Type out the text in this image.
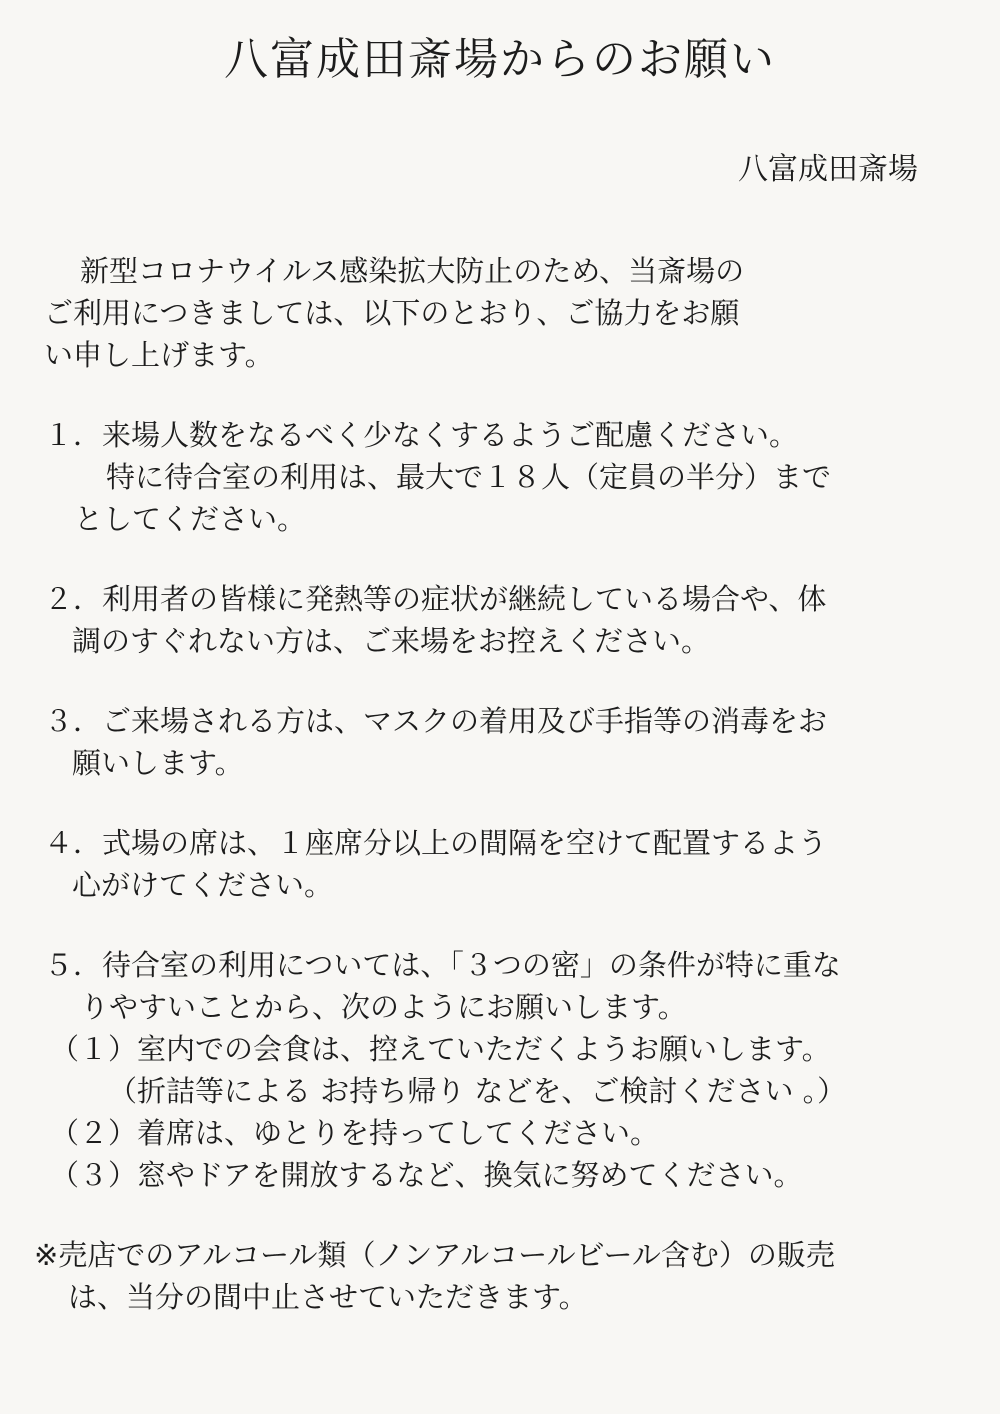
八富成田斎場からのお願い
八富成田斎場
新型コロナウイルス感染拡大防止のため、当斎場の
ご利用につきましては、以下のとおり、ご協力をお願
い申し上げます。
１．来場人数をなるべく少なくするようご配慮ください。
特に待合室の利用は、最大で１８人（定員の半分）まで
としてください。
２．利用者の皆様に発熱等の症状が継続している場合や、体
調のすぐれない方は、ご来場をお控えください。
３．ご来場される方は、マスクの着用及び手指等の消毒をお
願いします。
４．式場の席は、１座席分以上の間隔を空けて配置するよう
心がけてください。
５．待合室の利用については、「３つの密」の条件が特に重な
りやすいことから、次のようにお願いします。
（１）室内での会食は、控えていただくようお願いします。
（折詰等による お持ち帰り などを、ご検討ください 。）
（２）着席は、ゆとりを持ってしてください。
（３）窓やドアを開放するなど、換気に努めてください。
※売店でのアルコール類（ノンアルコールビール含む）の販売
は、当分の間中止させていただきます。
